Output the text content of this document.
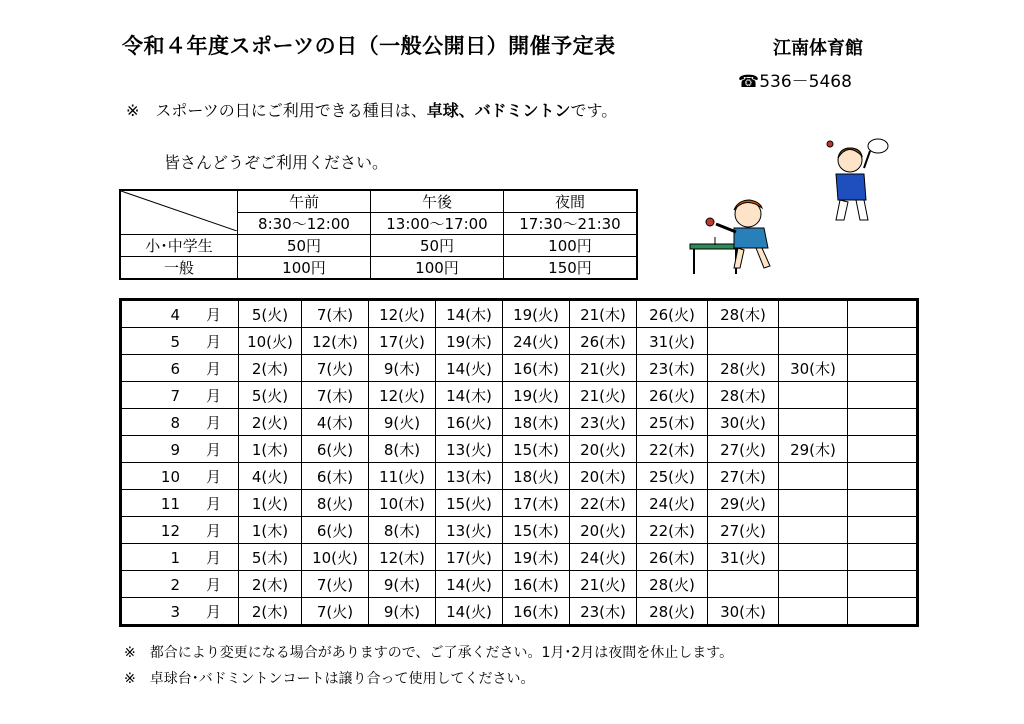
令和４年度スポーツの日（一般公開日）開催予定表	江南体育館
☎536－5468
※　スポーツの日にご利用できる種目は、卓球、バドミントンです。
皆さんどうぞご利用ください。
	午前	午後	夜間
	8:30～12:00	13:00～17:00	17:30～21:30
小･中学生	50円	50円	100円
一般	100円	100円	150円
4 月	5(火)	7(木)	12(火)	14(木)	19(火)	21(木)	26(火)	28(木)		
5 月	10(火)	12(木)	17(火)	19(木)	24(火)	26(木)	31(火)			
6 月	2(木)	7(火)	9(木)	14(火)	16(木)	21(火)	23(木)	28(火)	30(木)	
7 月	5(火)	7(木)	12(火)	14(木)	19(火)	21(火)	26(火)	28(木)		
8 月	2(火)	4(木)	9(火)	16(火)	18(木)	23(火)	25(木)	30(火)		
9 月	1(木)	6(火)	8(木)	13(火)	15(木)	20(火)	22(木)	27(火)	29(木)	
10 月	4(火)	6(木)	11(火)	13(木)	18(火)	20(木)	25(火)	27(木)		
11 月	1(火)	8(火)	10(木)	15(火)	17(木)	22(木)	24(火)	29(火)		
12 月	1(木)	6(火)	8(木)	13(火)	15(木)	20(火)	22(木)	27(火)		
1 月	5(木)	10(火)	12(木)	17(火)	19(木)	24(火)	26(木)	31(火)		
2 月	2(木)	7(火)	9(木)	14(火)	16(木)	21(火)	28(火)			
3 月	2(木)	7(火)	9(木)	14(火)	16(木)	23(木)	28(火)	30(木)		
※　都合により変更になる場合がありますので、ご了承ください。1月･2月は夜間を休止します。
※　卓球台･バドミントンコートは譲り合って使用してください。
